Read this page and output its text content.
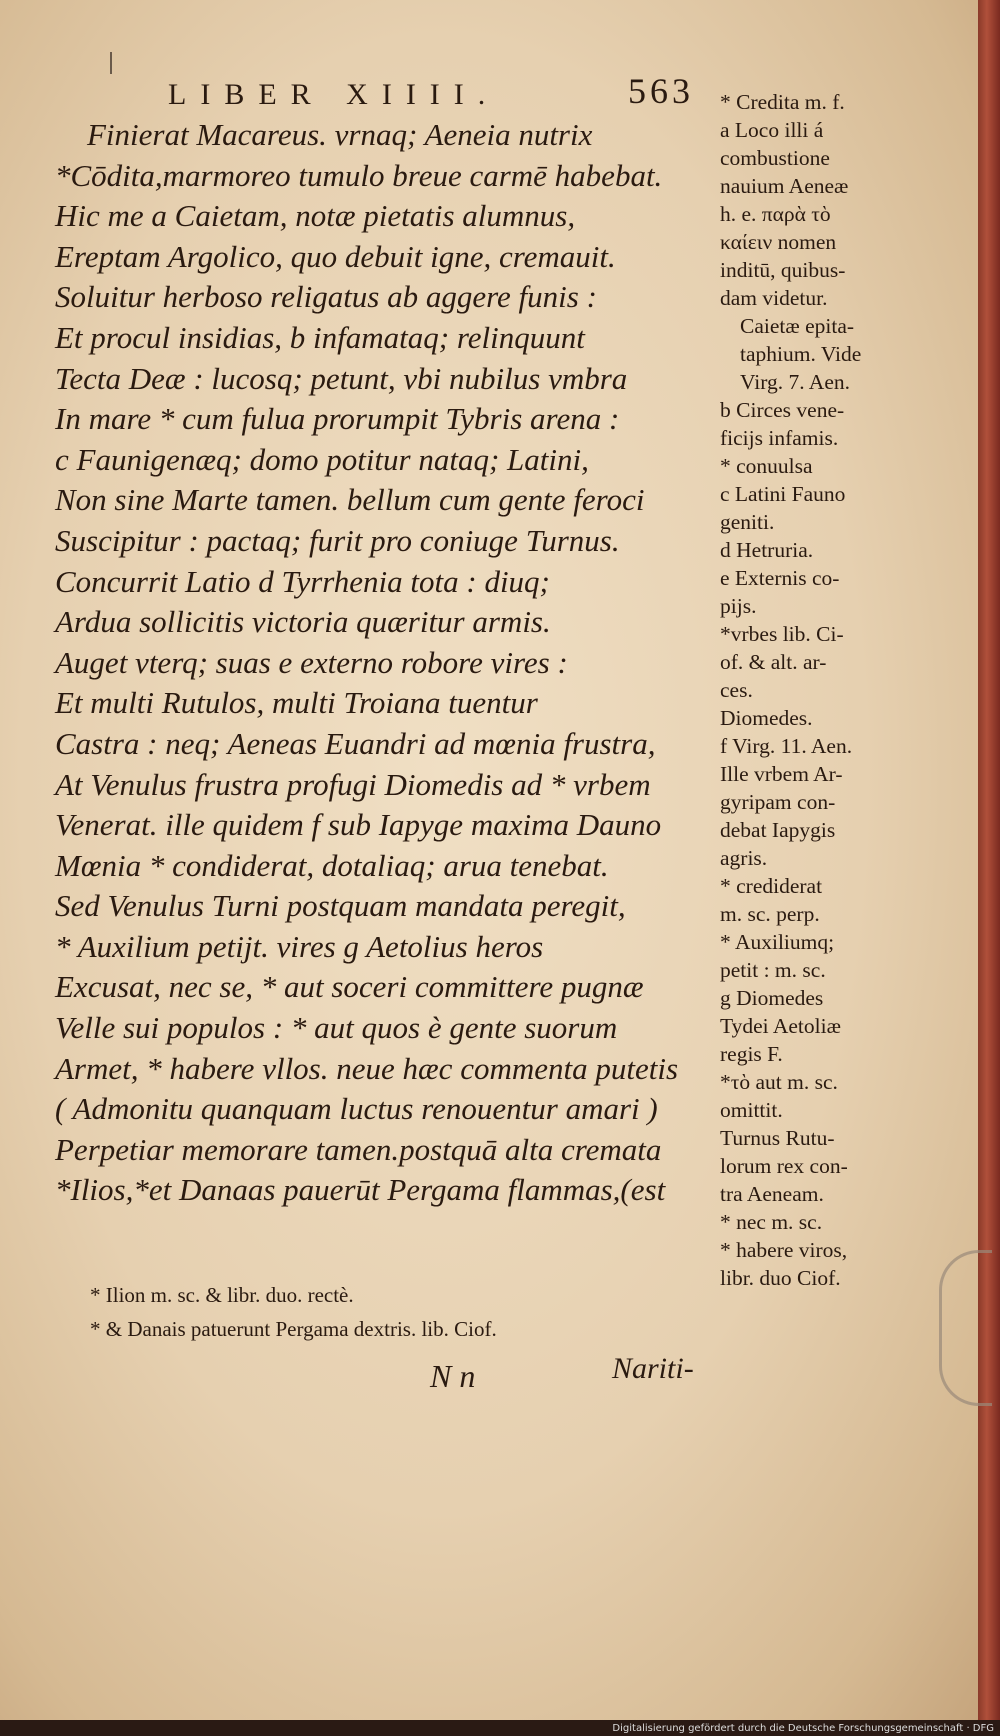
LIBER XIIII.	563
Finierat Macareus. vrnaq; Aeneia nutrix
*Cōdita,marmoreo tumulo breue carmē habebat.
Hic me a Caietam, notæ pietatis alumnus,
Ereptam Argolico, quo debuit igne, cremauit.
Soluitur herboso religatus ab aggere funis :
Et procul insidias, b infamataq; relinquunt
Tecta Deæ : lucosq; petunt, vbi nubilus vmbra
In mare * cum fulua prorumpit Tybris arena :
c Faunigenæq; domo potitur nataq; Latini,
Non sine Marte tamen. bellum cum gente feroci
Suscipitur : pactaq; furit pro coniuge Turnus.
Concurrit Latio d Tyrrhenia tota : diuq;
Ardua sollicitis victoria quæritur armis.
Auget vterq; suas e externo robore vires :
Et multi Rutulos, multi Troiana tuentur
Castra : neq; Aeneas Euandri ad mœnia frustra,
At Venulus frustra profugi Diomedis ad * vrbem
Venerat. ille quidem f sub Iapyge maxima Dauno
Mœnia * condiderat, dotaliaq; arua tenebat.
Sed Venulus Turni postquam mandata peregit,
* Auxilium petijt. vires g Aetolius heros
Excusat, nec se, * aut soceri committere pugnæ
Velle sui populos : * aut quos è gente suorum
Armet, * habere vllos. neue hæc commenta putetis
( Admonitu quanquam luctus renouentur amari )
Perpetiar memorare tamen.postquā alta cremata
*Ilios,*et Danaas pauerūt Pergama flammas,(est
* Credita m. f.
a Loco illi á
combustione
nauium Aeneæ
h. e. παρὰ τὸ
καίειν nomen
inditū, quibus-
dam videtur.
Caietæ epita-
taphium. Vide
Virg. 7. Aen.
b Circes vene-
ficijs infamis.
* conuulsa
c Latini Fauno
geniti.
d Hetruria.
e Externis co-
pijs.
*vrbes lib. Ci-
of. & alt. ar-
ces.
Diomedes.
f Virg. 11. Aen.
Ille vrbem Ar-
gyripam con-
debat Iapygis
agris.
* crediderat
m. sc. perp.
* Auxiliumq;
petit : m. sc.
g Diomedes
Tydei Aetoliæ
regis F.
*τὸ aut m. sc.
omittit.
Turnus Rutu-
lorum rex con-
tra Aeneam.
* nec m. sc.
* habere viros,
libr. duo Ciof.
* Ilion m. sc. & libr. duo. rectè.
* & Danais patuerunt Pergama dextris. lib. Ciof.
N n	Nariti-
Digitalisierung gefördert durch die Deutsche Forschungsgemeinschaft · DFG
